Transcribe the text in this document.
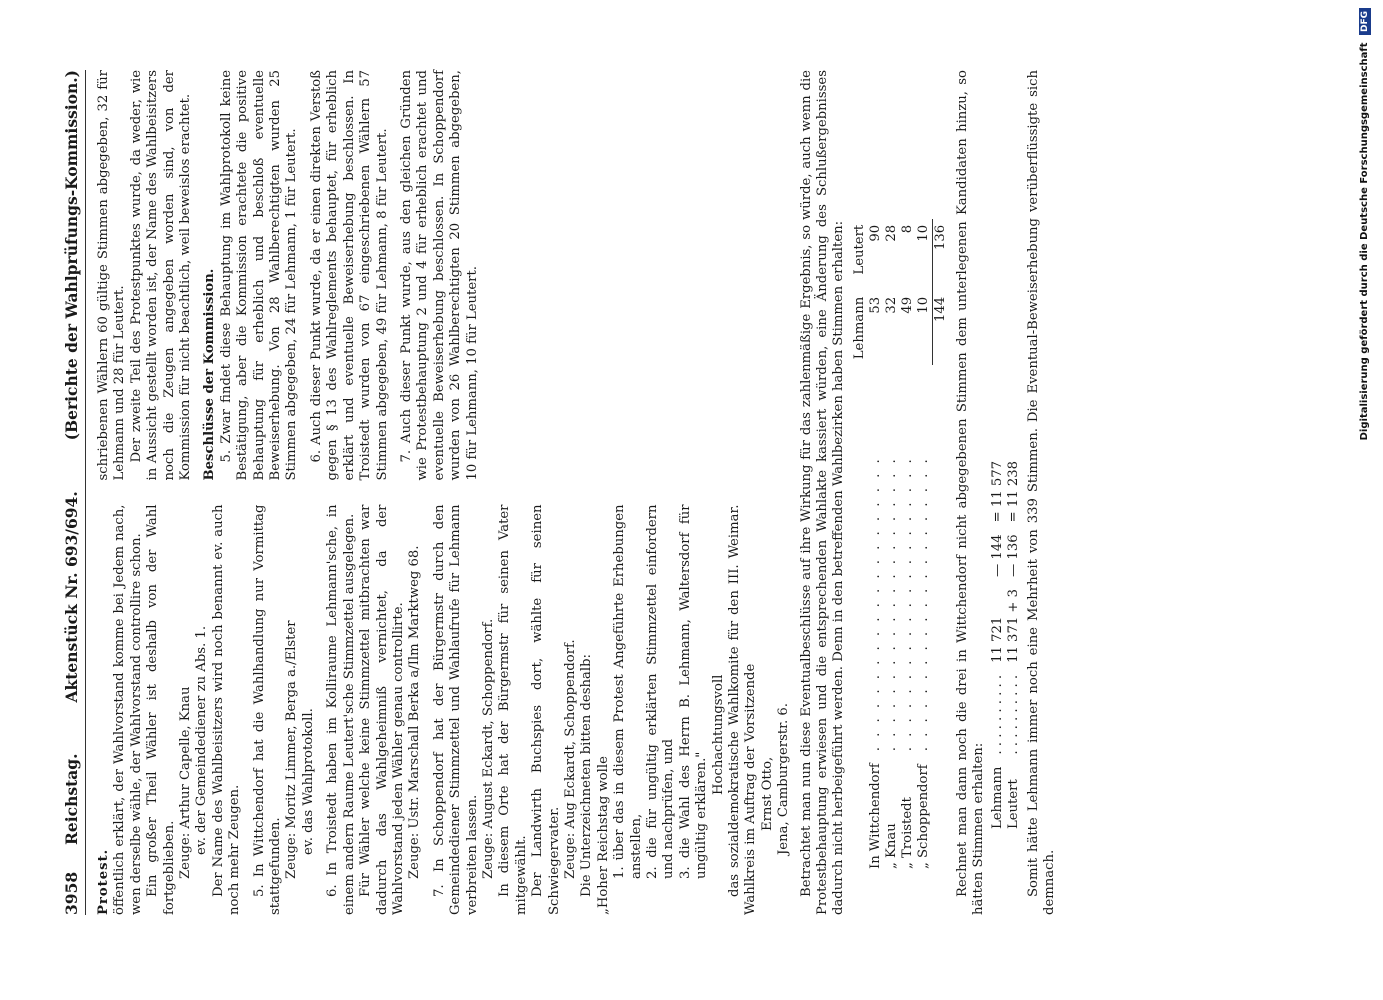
3958
Reichstag.
Aktenstück Nr. 693/694.
(Berichte der Wahlprüfungs-Kommission.)

Protest. öffentlich erklärt, der Wahlvorstand komme bei Jedem nach, wen derselbe wähle, der Wahlvorstand controllire schon. Ein großer Theil Wähler ist deshalb von der Wahl fortgeblieben. Zeuge: Arthur Capelle, Knau ev. der Gemeindediener zu Abs. 1. Der Name des Wahlbeisitzers wird noch benannt ev. auch noch mehr Zeugen. 5. In Wittchendorf hat die Wahlhandlung nur Vormittag stattgefunden. Zeuge: Moritz Limmer, Berga a./Elster ev. das Wahlprotokoll. 6. In Troistedt haben im Kolliraume Lehmann'sche, in einem andern Raume Leutert'sche Stimmzettel ausgelegen. Für Wähler welche keine Stimmzettel mitbrachten war dadurch das Wahlgeheimniß vernichtet, da der Wahlvorstand jeden Wähler genau controllirte. Zeuge: Ustr. Marschall Berka a/Ilm Marktweg 68. 7. In Schoppendorf hat der Bürgermstr durch den Gemeindediener Stimmzettel und Wahlaufrufe für Lehmann verbreiten lassen. Zeuge: August Eckardt, Schoppendorf. In diesem Orte hat der Bürgermstr für seinen Vater mitgewählt. Der Landwirth Buchspies dort, wählte für seinen Schwiegervater. Zeuge: Aug Eckardt, Schoppendorf. Die Unterzeichneten bitten deshalb: „Hoher Reichstag wolle 1. über das in diesem Protest Angeführte Erhebungen anstellen, 2. die für ungültig erklärten Stimmzettel einfordern und nachprüfen, und 3. die Wahl des Herrn B. Lehmann, Waltersdorf für ungültig erklären."

Hochachtungsvoll das sozialdemokratische Wahlkomite für den III. Weimar. Wahlkreis im Auftrag der Vorsitzende Ernst Otto, Jena, Camburgerstr. 6.

schriebenen Wählern 60 gültige Stimmen abgegeben, 32 für Lehmann und 28 für Leutert. Der zweite Teil des Protestpunktes wurde, da weder, wie in Aussicht gestellt worden ist, der Name des Wahlbeisitzers noch die Zeugen angegeben worden sind, von der Kommission für nicht beachtlich, weil beweislos erachtet. Beschlüsse der Kommission. 5. Zwar findet diese Behauptung im Wahlprotokoll keine Bestätigung, aber die Kommission erachtete die positive Behauptung für erheblich und beschloß eventuelle Beweiserhebung. Von 28 Wahlberechtigten wurden 25 Stimmen abgegeben, 24 für Lehmann, 1 für Leutert. 6. Auch dieser Punkt wurde, da er einen direkten Verstoß gegen § 13 des Wahlreglements behauptet, für erheblich erklärt und eventuelle Beweiserhebung beschlossen. In Troistedt wurden von 67 eingeschriebenen Wählern 57 Stimmen abgegeben, 49 für Lehmann, 8 für Leutert. 7. Auch dieser Punkt wurde, aus den gleichen Gründen wie Protestbehauptung 2 und 4 für erheblich erachtet und eventuelle Beweiserhebung beschlossen. In Schoppendorf wurden von 26 Wahlberechtigten 20 Stimmen abgegeben, 10 für Lehmann, 10 für Leutert.	Betrachtet man nun diese Eventualbeschlüsse auf ihre Wirkung für das zahlenmäßige Ergebnis, so würde, auch wenn die Protestbehauptung erwiesen und die entsprechenden Wahlakte kassiert würden, eine Änderung des Schlußergebnisses dadurch nicht herbeigeführt werden. Denn in den betreffenden Wahlbezirken haben Stimmen erhalten:

		Lehmann	Leutert
In Wittchendorf	. . . . . . . . . . . . . . . . . . . . .	53	90
„ Knau	. . . . . . . . . . . . . . . . . . . . .	32	28
„ Troistedt	. . . . . . . . . . . . . . . . . . . . .	49	8
„ Schoppendorf	. . . . . . . . . . . . . . . . . . . . .	10	10
		144	136 Rechnet man dann noch die drei in Wittchendorf nicht abgegebenen Stimmen dem unterlegenen Kandidaten hinzu, so hätten Stimmen erhalten: Lehmann	. . . . . . . . . .	11 721	— 144	= 11 577
Leutert	. . . . . . . . . .	11 371 + 3	— 136	= 11 238 Somit hätte Lehmann immer noch eine Mehrheit von 339 Stimmen. Die Eventual-Beweiserhebung verüberflüssigte sich demnach.

Digitalisierung gefördert durch die Deutsche Forschungsgemeinschaft DFG
